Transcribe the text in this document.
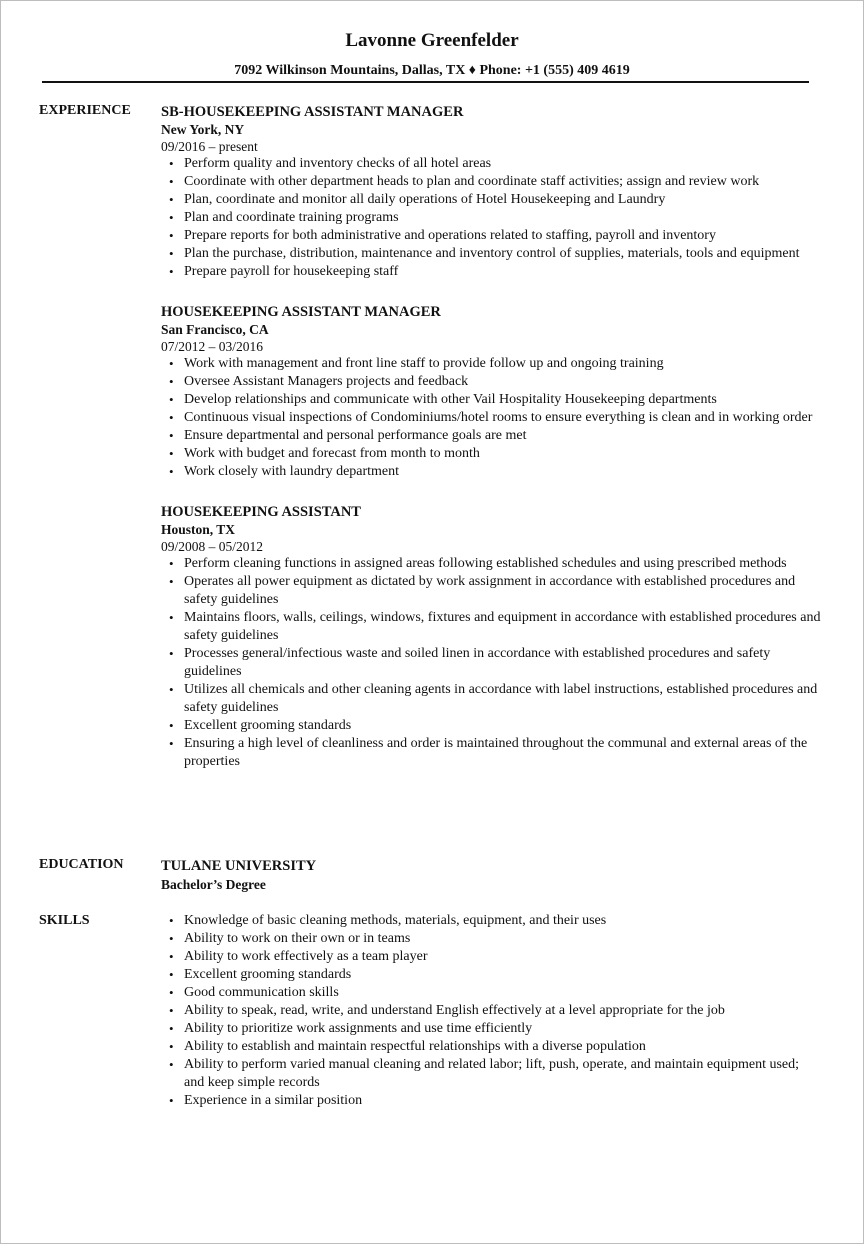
Lavonne Greenfelder
7092 Wilkinson Mountains, Dallas, TX ♦ Phone: +1 (555) 409 4619
EXPERIENCE SB-HOUSEKEEPING ASSISTANT MANAGER
New York, NY
09/2016 – present
• Perform quality and inventory checks of all hotel areas
• Coordinate with other department heads to plan and coordinate staff activities; assign and review work
• Plan, coordinate and monitor all daily operations of Hotel Housekeeping and Laundry
• Plan and coordinate training programs
• Prepare reports for both administrative and operations related to staffing, payroll and inventory
• Plan the purchase, distribution, maintenance and inventory control of supplies, materials, tools and equipment
• Prepare payroll for housekeeping staff
HOUSEKEEPING ASSISTANT MANAGER
San Francisco, CA
07/2012 – 03/2016
• Work with management and front line staff to provide follow up and ongoing training
• Oversee Assistant Managers projects and feedback
• Develop relationships and communicate with other Vail Hospitality Housekeeping departments
• Continuous visual inspections of Condominiums/hotel rooms to ensure everything is clean and in working order
• Ensure departmental and personal performance goals are met
• Work with budget and forecast from month to month
• Work closely with laundry department
HOUSEKEEPING ASSISTANT
Houston, TX
09/2008 – 05/2012
• Perform cleaning functions in assigned areas following established schedules and using prescribed methods
• Operates all power equipment as dictated by work assignment in accordance with established procedures and safety guidelines
• Maintains floors, walls, ceilings, windows, fixtures and equipment in accordance with established procedures and safety guidelines
• Processes general/infectious waste and soiled linen in accordance with established procedures and safety guidelines
• Utilizes all chemicals and other cleaning agents in accordance with label instructions, established procedures and safety guidelines
• Excellent grooming standards
• Ensuring a high level of cleanliness and order is maintained throughout the communal and external areas of the properties
EDUCATION	TULANE UNIVERSITY
Bachelor’s Degree
SKILLS
•	Knowledge of basic cleaning methods, materials, equipment, and their uses
• Ability to work on their own or in teams
• Ability to work effectively as a team player
• Excellent grooming standards
• Good communication skills
• Ability to speak, read, write, and understand English effectively at a level appropriate for the job
• Ability to prioritize work assignments and use time efficiently
• Ability to establish and maintain respectful relationships with a diverse population
• Ability to perform varied manual cleaning and related labor; lift, push, operate, and maintain equipment used; and keep simple records
• Experience in a similar position
